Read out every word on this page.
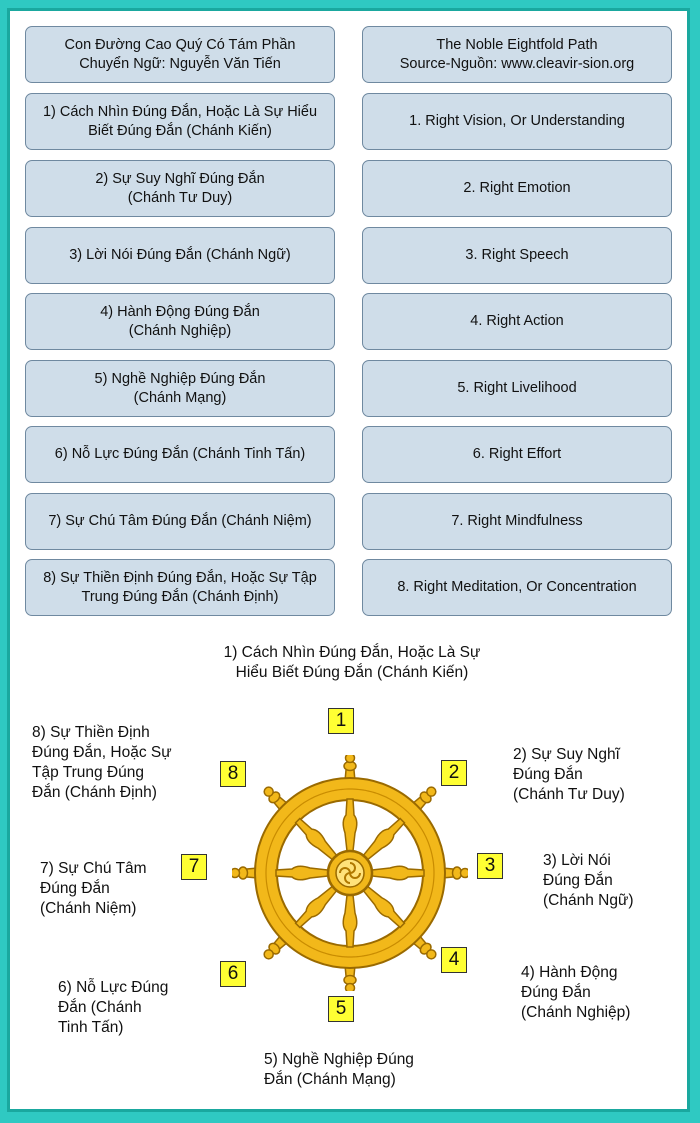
Con Đường Cao Quý Có Tám Phần
Chuyển Ngữ: Nguyễn Văn Tiến
1) Cách Nhìn Đúng Đắn, Hoặc Là Sự Hiểu
Biết Đúng Đắn (Chánh Kiến)
2) Sự Suy Nghĩ Đúng Đắn
(Chánh Tư Duy)
3) Lời Nói Đúng Đắn (Chánh Ngữ)
4) Hành Động Đúng Đắn
(Chánh Nghiệp)
5) Nghề Nghiệp Đúng Đắn
(Chánh Mạng)
6) Nỗ Lực Đúng Đắn (Chánh Tinh Tấn)
7) Sự Chú Tâm Đúng Đắn (Chánh Niệm)
8) Sự Thiền Định Đúng Đắn, Hoặc Sự Tập
Trung Đúng Đắn (Chánh Định)
The Noble Eightfold Path
Source-Nguồn: www.cleavir-sion.org
1. Right Vision, Or Understanding
2. Right Emotion
3. Right Speech
4. Right Action
5. Right Livelihood
6. Right Effort
7. Right Mindfulness
8. Right Meditation, Or Concentration
1) Cách Nhìn Đúng Đắn, Hoặc Là Sự
Hiểu Biết Đúng Đắn (Chánh Kiến)
2) Sự Suy Nghĩ
Đúng Đắn
(Chánh Tư Duy)
3) Lời Nói
Đúng Đắn
(Chánh Ngữ)
4) Hành Động
Đúng Đắn
(Chánh Nghiệp)
5) Nghề Nghiệp Đúng
Đắn (Chánh Mạng)
6) Nỗ Lực Đúng
Đắn (Chánh
Tinh Tấn)
7) Sự Chú Tâm
Đúng Đắn
(Chánh Niệm)
8) Sự Thiền Định
Đúng Đắn, Hoặc Sự
Tập Trung Đúng
Đắn (Chánh Định)
1
2
3
4
5
6
7
8
